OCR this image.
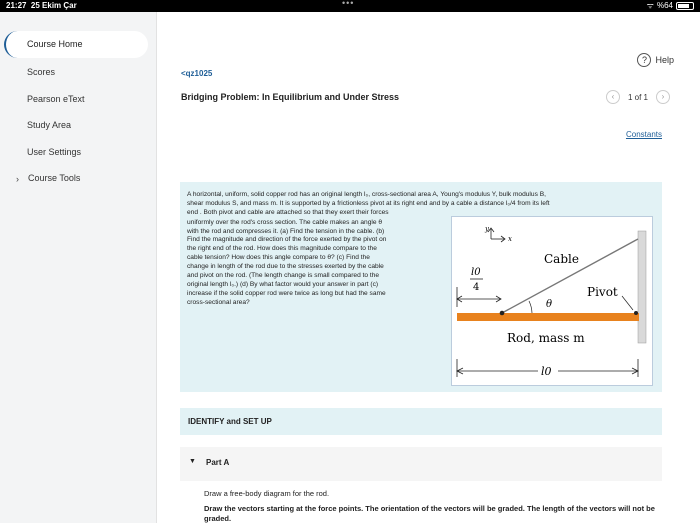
21:27 25 Ekim Çar	•••	ᯤ %64
Course Home
Scores
Pearson eText
Study Area
User Settings
› Course Tools
? Help
<qz1025
Bridging Problem: In Equilibrium and Under Stress	‹	1 of 1	›
Constants
A horizontal, uniform, solid copper rod has an original length l₀, cross-sectional area A, Young's modulus Y, bulk modulus B,
shear modulus S, and mass m. It is supported by a frictionless pivot at its right end and by a cable a distance l₀/4 from its left
end . Both pivot and cable are attached so that they exert their forces
uniformly over the rod's cross section. The cable makes an angle θ
with the rod and compresses it. (a) Find the tension in the cable. (b)
Find the magnitude and direction of the force exerted by the pivot on
the right end of the rod. How does this magnitude compare to the
cable tension? How does this angle compare to θ? (c) Find the
change in length of the rod due to the stresses exerted by the cable
and pivot on the rod. (The length change is small compared to the
original length l₀.) (d) By what factor would your answer in part (c)
increase if the solid copper rod were twice as long but had the same
cross-sectional area?
y
x
l0
4
Cable
Pivot
θ
Rod, mass m
l0
IDENTIFY and SET UP
▼ Part A
Draw a free-body diagram for the rod.
Draw the vectors starting at the force points. The orientation of the vectors will be graded. The length of the vectors will not be graded.
